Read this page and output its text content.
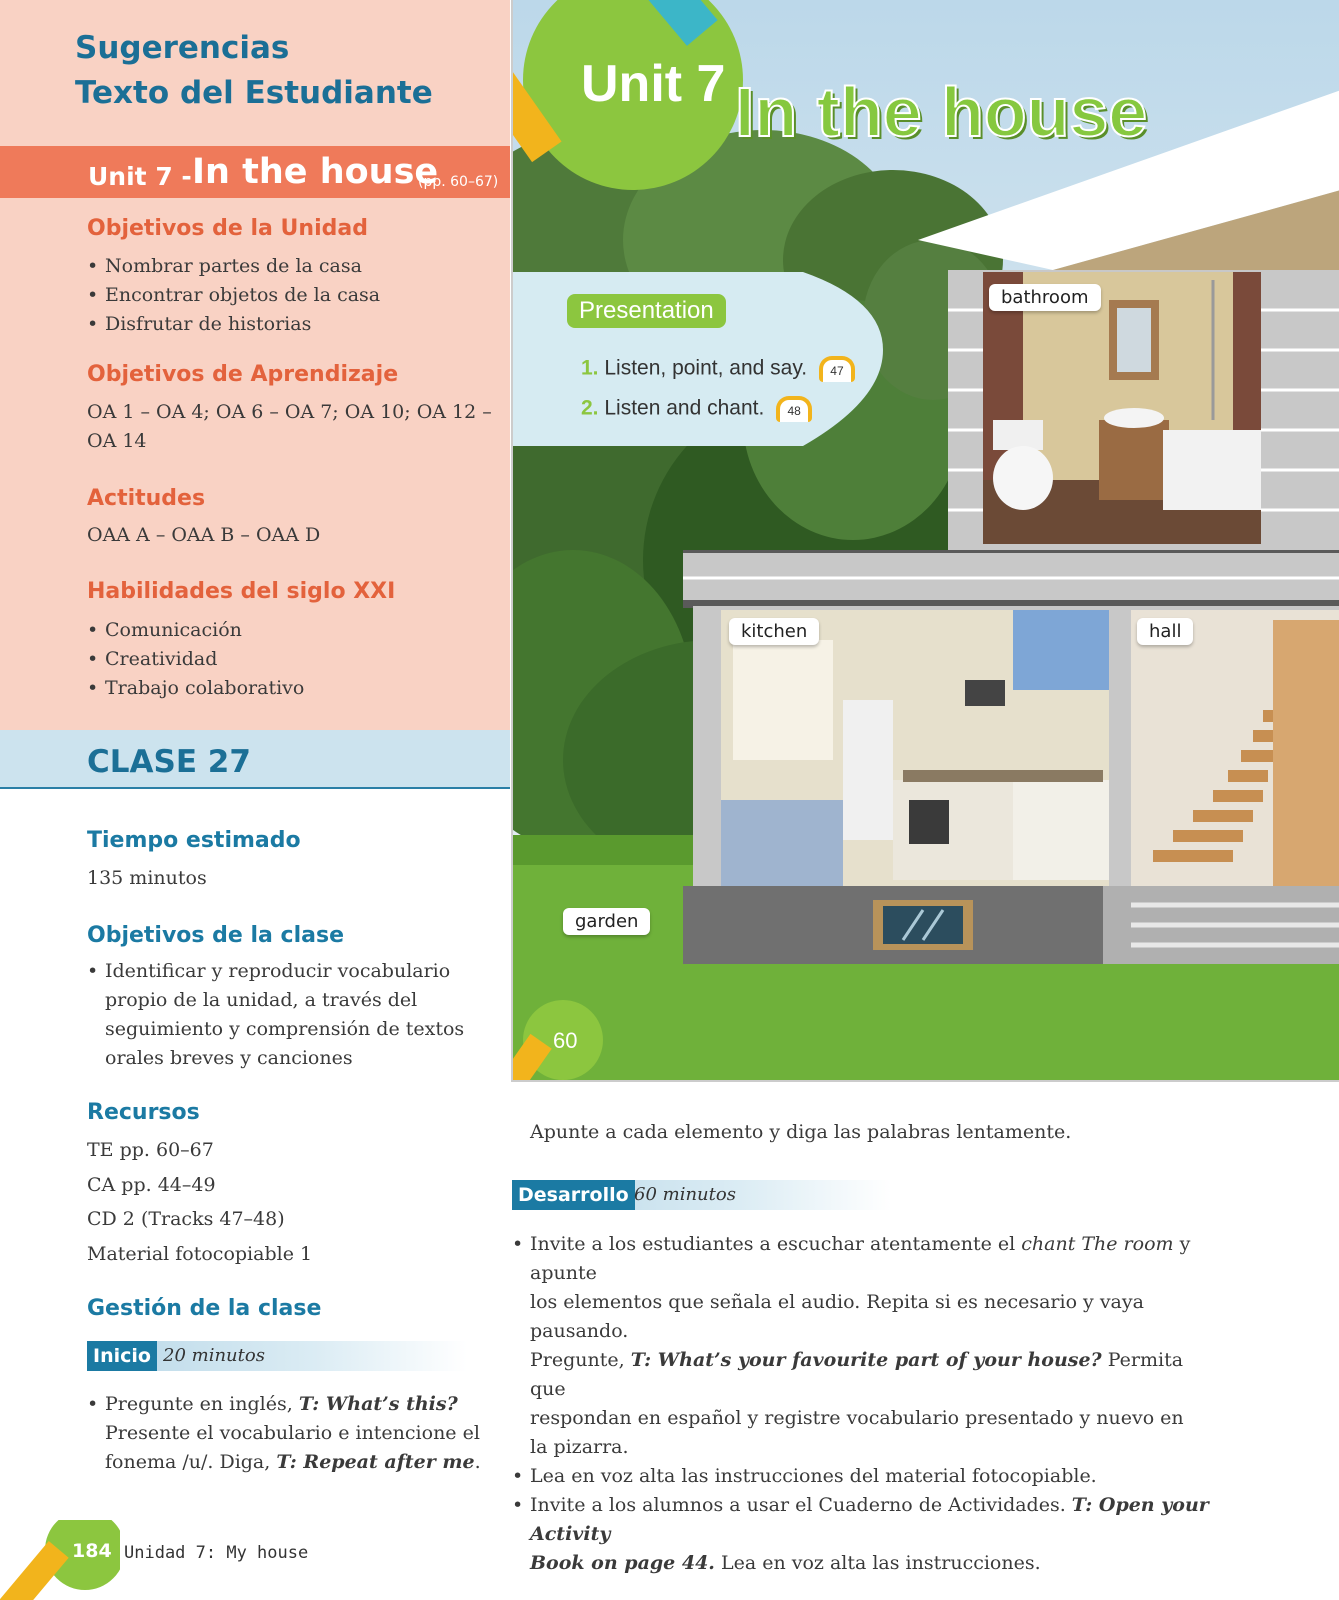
Sugerencias
Texto del Estudiante
Unit 7 - In the house
(pp. 60–67)
Objetivos de la Unidad
• Nombrar partes de la casa
• Encontrar objetos de la casa
• Disfrutar de historias
Objetivos de Aprendizaje
OA 1 – OA 4; OA 6 – OA 7; OA 10; OA 12 –
OA 14
Actitudes
OAA A – OAA B – OAA D
Habilidades del siglo XXI
• Comunicación
• Creatividad
• Trabajo colaborativo
CLASE 27
Tiempo estimado
135 minutos
Objetivos de la clase
• Identificar y reproducir vocabulario
propio de la unidad, a través del
seguimiento y comprensión de textos
orales breves y canciones
Recursos
TE pp. 60–67
CA pp. 44–49
CD 2 (Tracks 47–48)
Material fotocopiable 1
Gestión de la clase
Inicio 20 minutos
• Pregunte en inglés, T: What’s this?
Presente el vocabulario e intencione el
fonema /u/. Diga, T: Repeat after me.
Unit 7 In the house
Presentation
1. Listen, point, and say. 47
2. Listen and chant. 48
bathroom
kitchen	hall
garden
60
Apunte a cada elemento y diga las palabras lentamente.
Desarrollo 60 minutos
• Invite a los estudiantes a escuchar atentamente el chant The room y apunte
los elementos que señala el audio. Repita si es necesario y vaya pausando.
Pregunte, T: What’s your favourite part of your house? Permita que
respondan en español y registre vocabulario presentado y nuevo en
la pizarra.
• Lea en voz alta las instrucciones del material fotocopiable.
• Invite a los alumnos a usar el Cuaderno de Actividades. T: Open your Activity
Book on page 44. Lea en voz alta las instrucciones.
184 Unidad 7: My house
